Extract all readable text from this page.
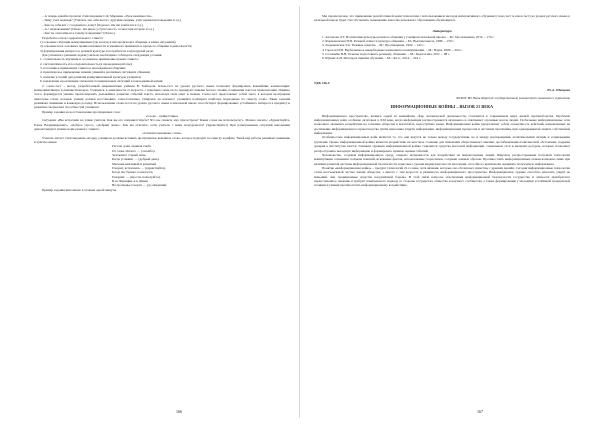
– А теперь давайте прочтем стихотворение С.Я. Маршака «Урок вежливости».

– Чему учит медведя? (Учитель так себя вести с другими людьми, учит правилам поведения и т.д.)

– Как он себя вёл с соседями по дому? (Хорошо. Он им улыбался и т.д.)

– А с незнакомыми? (Плохо. Он им не уступал место, толкал при встрече и т.д.)

– Как ты относишься к такому поведению? (Плохо.)

Разработка основ содержательного этикета:

1) освоение ситуации коммуникации (где и когда и как происходит общение, в каких ситуациях);

2) освоение всех основных правил вежливости и умения их применять в процессе общения и деятельности;

3) формирования интереса к речевой культуре и потребности в культурной речи.

Для успешного решения задачи учителю необходимо соблюдать следующие условия:

1. сознательность изучения и осознанное применение правил этикета;

2. систематичность и последовательность (в проведении работы);

3. постоянное применение этикета в повседневном общении;

4. практическое применение знаний, умений в различных ситуациях общения;

5. наличие условий для развития коммуникативной культуры учащихся;

6. вовлечение и реализация этических потенциальных ситуаций в повседневной жизни.

2. слово-тест – метод, разработанный американским учёным В. Тейлором. Ключ-тест на уроках русского языка позволяет формировать важнейшие компетенции: коммуникативную и лингвистическую. Учащиеся, в зависимости от возраста, с помощью слова-теста тренируют навыки беглого чтения, понимания текста и правописания. Помимо этого, формируется умение прогнозировать дальнейшее развитие событий текста, используя свой опыт и знания. Слово-тест представляет собой текст, в котором пропущены некоторые слова, которые ученик должен восстановить самостоятельно. Опираясь на контекст, учащийся подбирает наиболее подходящее по смыслу слово. Такие задания развивают внимание и языковую догадку. Использование слова-теста на уроках русского языка в начальной школе способствует формированию устойчивого интереса к предмету и развитию творческих способностей учащихся.

Пример задания на восстановление пропущенных слов:

«Слово – приветствие»

Ситуация: «Вы встретили на улице учителя. Как вы его поприветствуете? Что вы скажете ему при встрече? Какие слова вы используете?». Можно сказать: «Здравствуйте, Елена Владимировна!», «Доброе утро!», «Добрый день!». Как вы ответите, если учитель с вами поздоровался? (Здравствуйте!) При разыгрывании ситуаций школьники демонстрируют знание норм речевого этикета.

«Спешите вежливые слова»

Учитель читает стихотворение-загадку, учащиеся должны вставить пропущенное вежливое слово, которое подходит по смыслу и рифме. Такой вид работы развивает внимание и чувство языка:

Растает даже ледяная глыба

От слова тёплого … (спасибо).

Зазеленеет старый пень,

Когда услышит … (добрый день).

Мальчик вежливый и развитый

Говорит, встречаясь … (здравствуйте).

Когда нас бранят за шалости,

Говорим: … (прости, пожалуйста).

И во Франции, и в Дании

На прощанье говорят … (до свидания).

Пример задания выполнено в течение одной минуты.

Мы предполагаем, что применение разработанной нами технологии с использованием методов интерактивного обучения (слово-тест и ключ-тест) на уроках русского языка в начальной школе будет способствовать повышению качества начального образования обучающихся.

Литература

1. Антонова Л.Г. Воспитание культуры речевого общения у учащихся начальной школы. – М.: Просвещение, 2012. – 176 с.

2. Формановская Н.И. Речевой этикет и культура общения. – М.: Высшая школа, 1989. – 159 с.

3. Ладыженская Т.А. Речевые секреты. – М.: Просвещение, 1992. – 143 с.

4. Горелов И.Н. Вербальные и невербальные компоненты коммуникации. – М.: Наука, 2009. – 204 с.

5. Соловьёва Н.Н. Основы подготовки к речевому общению. – М.: Педагогика, 2011. – 98 с.

6. Щукин А.Н. Методы и приёмы обучения. – М.: Логос, 2014. – 224 с.

УДК 316.4

Ю.А. Шевцова

ФГБОУ ВО Новосибирский государственный университет экономики и управления

ИНФОРМАЦИОННЫЕ ВОЙНЫ – ВЫЗОВ 21 ВЕКА

Информационное пространство, являясь одной из важнейших сфер человеческой деятельности, становится в современном мире ареной противоборства. Проблема информационных войн особенно актуальна в XXI веке, когда информация распространяется мгновенно и охватывает огромные массы людей. Глобальные информационные сети позволяют оказывать воздействие на сознание общества в масштабах, недоступных ранее. Информационная война представляет собой совокупность действий, направленных на достижение информационного превосходства путём нанесения ущерба информации, информационным процессам и системам противника при одновременной защите собственной информации.

Особенностью информационных войн является то, что они ведутся не только между государствами, но и между корпорациями, политическими силами и социальными группами. Целью информационной войны является воздействие на массовое сознание для изменения общественного мнения, дестабилизации политической обстановки, подрыва доверия к институтам власти. Главным оружием информационной войны становятся средства массовой информации, социальные сети и интернет-ресурсы, которые позволяют распространять выгодную информацию и формировать нужные оценки событий.

Человечество, создавая информационную среду, открыло возможности для воздействия на мировоззрение людей. Широкое распространение получили технологии манипуляции сознанием: подмена понятий, искажение фактов, использование стереотипов, создание ложных образов. Противостоять информационным атакам возможно лишь при наличии развитой системы информационной безопасности и высокого уровня медиаграмотности населения, способного критически оценивать получаемую информацию.

Понятие «информационная война» – продукт технологий 21-го века, хотя явления, которые оно обозначает, известны с древних времён. Сегодня информационные технологии стали неотъемлемой частью жизни общества, а вместе с тем возросла и уязвимость информационного пространства. Информационное оружие способно наносить ущерб не меньший, чем традиционные средства вооружённой борьбы. В этой связи вопросы обеспечения информационной безопасности государства и личности приобретают первостепенное значение и требуют комплексного подхода со стороны государства, общества и научного сообщества, а также формирования у молодёжи устойчивой гражданской позиции и умения противостоять информационному воздействию.

166	167
